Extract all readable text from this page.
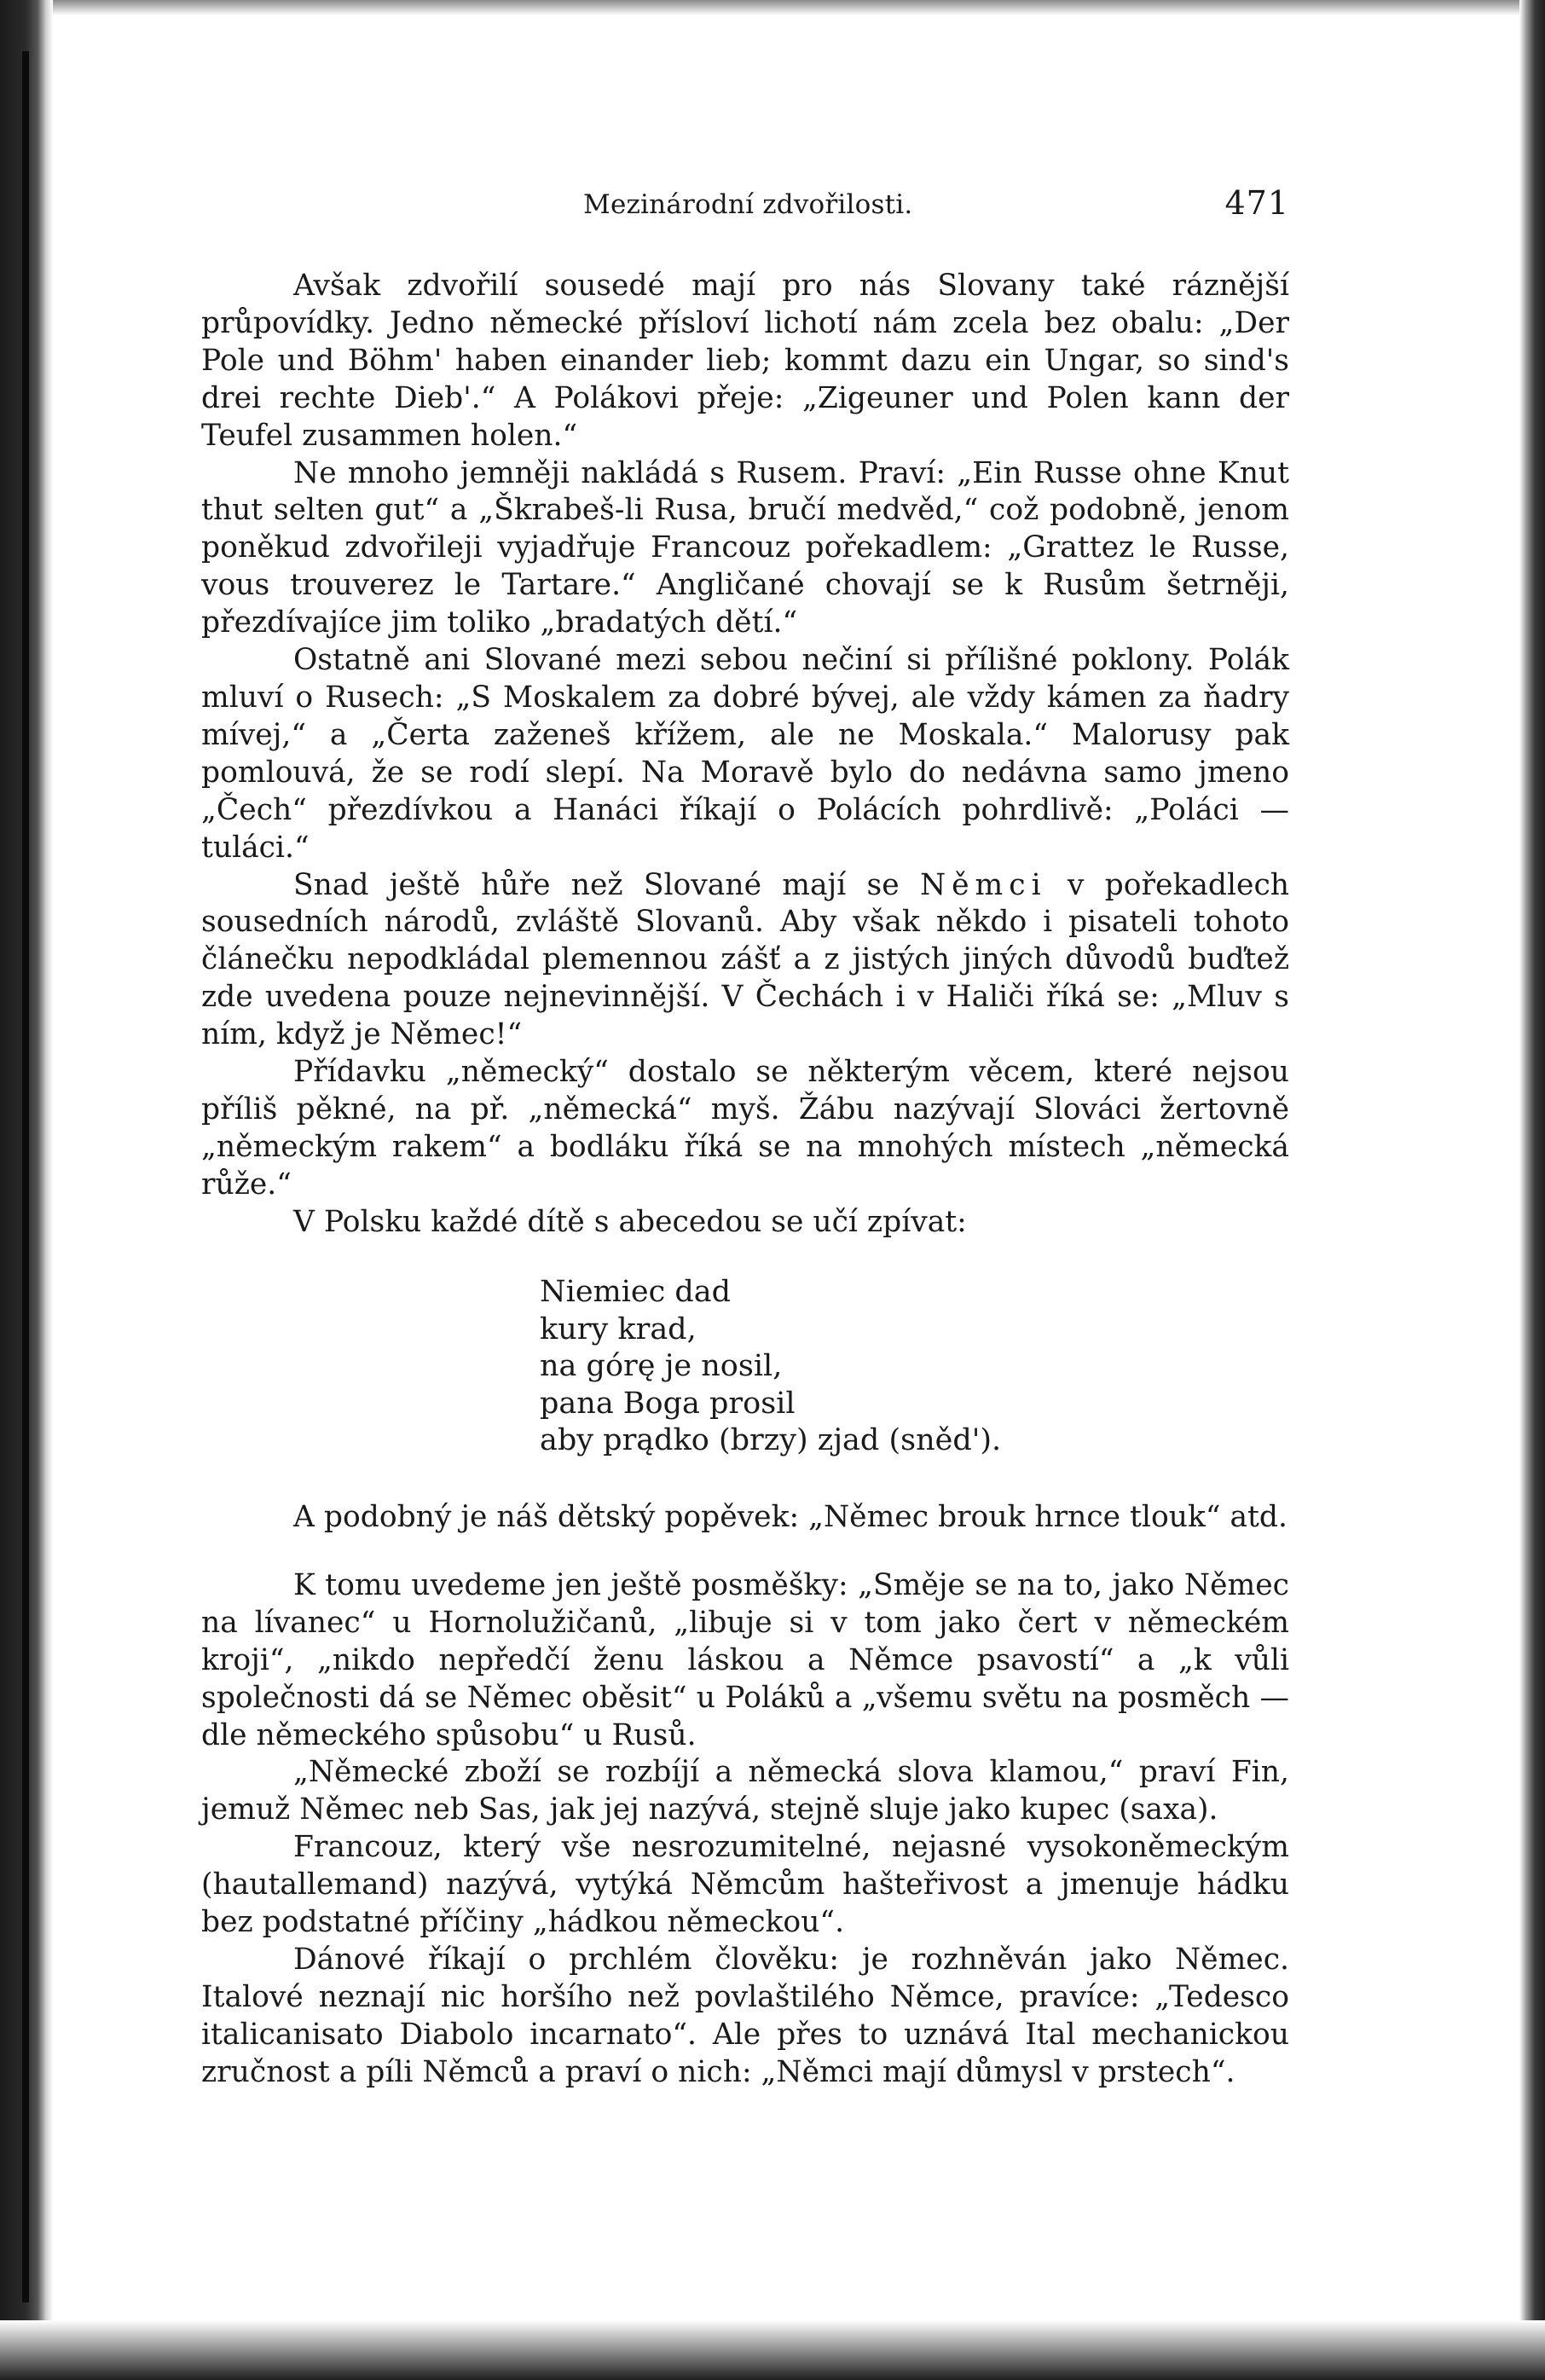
Mezinárodní zdvořilosti.	471

Avšak zdvořilí sousedé mají pro nás Slovany také ráznější průpovídky. Jedno německé přísloví lichotí nám zcela bez obalu: „Der Pole und Böhm' haben einander lieb; kommt dazu ein Ungar, so sind's drei rechte Dieb'.“ A Polákovi přeje: „Zigeuner und Polen kann der Teufel zusammen holen.“

Ne mnoho jemněji nakládá s Rusem. Praví: „Ein Russe ohne Knut thut selten gut“ a „Škrabeš-li Rusa, bručí medvěd,“ což podobně, jenom poněkud zdvořileji vyjadřuje Francouz pořekadlem: „Grattez le Russe, vous trouverez le Tartare.“ Angličané chovají se k Rusům šetrněji, přezdívajíce jim toliko „bradatých dětí.“

Ostatně ani Slované mezi sebou nečiní si přílišné poklony. Polák mluví o Rusech: „S Moskalem za dobré bývej, ale vždy kámen za ňadry mívej,“ a „Čerta zaženeš křížem, ale ne Moskala.“ Malorusy pak pomlouvá, že se rodí slepí. Na Moravě bylo do nedávna samo jmeno „Čech“ přezdívkou a Hanáci říkají o Polácích pohrdlivě: „Poláci — tuláci.“

Snad ještě hůře než Slované mají se Němci v pořekadlech sousedních národů, zvláště Slovanů. Aby však někdo i pisateli tohoto článečku nepodkládal plemennou zášť a z jistých jiných důvodů buďtež zde uvedena pouze nejnevinnější. V Čechách i v Haliči říká se: „Mluv s ním, když je Němec!“

Přídavku „německý“ dostalo se některým věcem, které nejsou příliš pěkné, na př. „německá“ myš. Žábu nazývají Slováci žertovně „německým rakem“ a bodláku říká se na mnohých místech „německá růže.“

V Polsku každé dítě s abecedou se učí zpívat:

Niemiec dad
kury krad,
na górę je nosil,
pana Boga prosil
aby prądko (brzy) zjad (sněd').

A podobný je náš dětský popěvek: „Němec brouk hrnce tlouk“ atd.

K tomu uvedeme jen ještě posměšky: „Směje se na to, jako Němec na lívanec“ u Hornolužičanů, „libuje si v tom jako čert v německém kroji“, „nikdo nepředčí ženu láskou a Němce psavostí“ a „k vůli společnosti dá se Němec oběsit“ u Poláků a „všemu světu na posměch — dle německého spůsobu“ u Rusů.

„Německé zboží se rozbíjí a německá slova klamou,“ praví Fin, jemuž Němec neb Sas, jak jej nazývá, stejně sluje jako kupec (saxa).

Francouz, který vše nesrozumitelné, nejasné vysokoněmeckým (hautallemand) nazývá, vytýká Němcům hašteřivost a jmenuje hádku bez podstatné příčiny „hádkou německou“.

Dánové říkají o prchlém člověku: je rozhněván jako Němec. Italové neznají nic horšího než povlaštilého Němce, pravíce: „Tedesco italicanisato Diabolo incarnato“. Ale přes to uznává Ital mechanickou zručnost a píli Němců a praví o nich: „Němci mají důmysl v prstech“.
